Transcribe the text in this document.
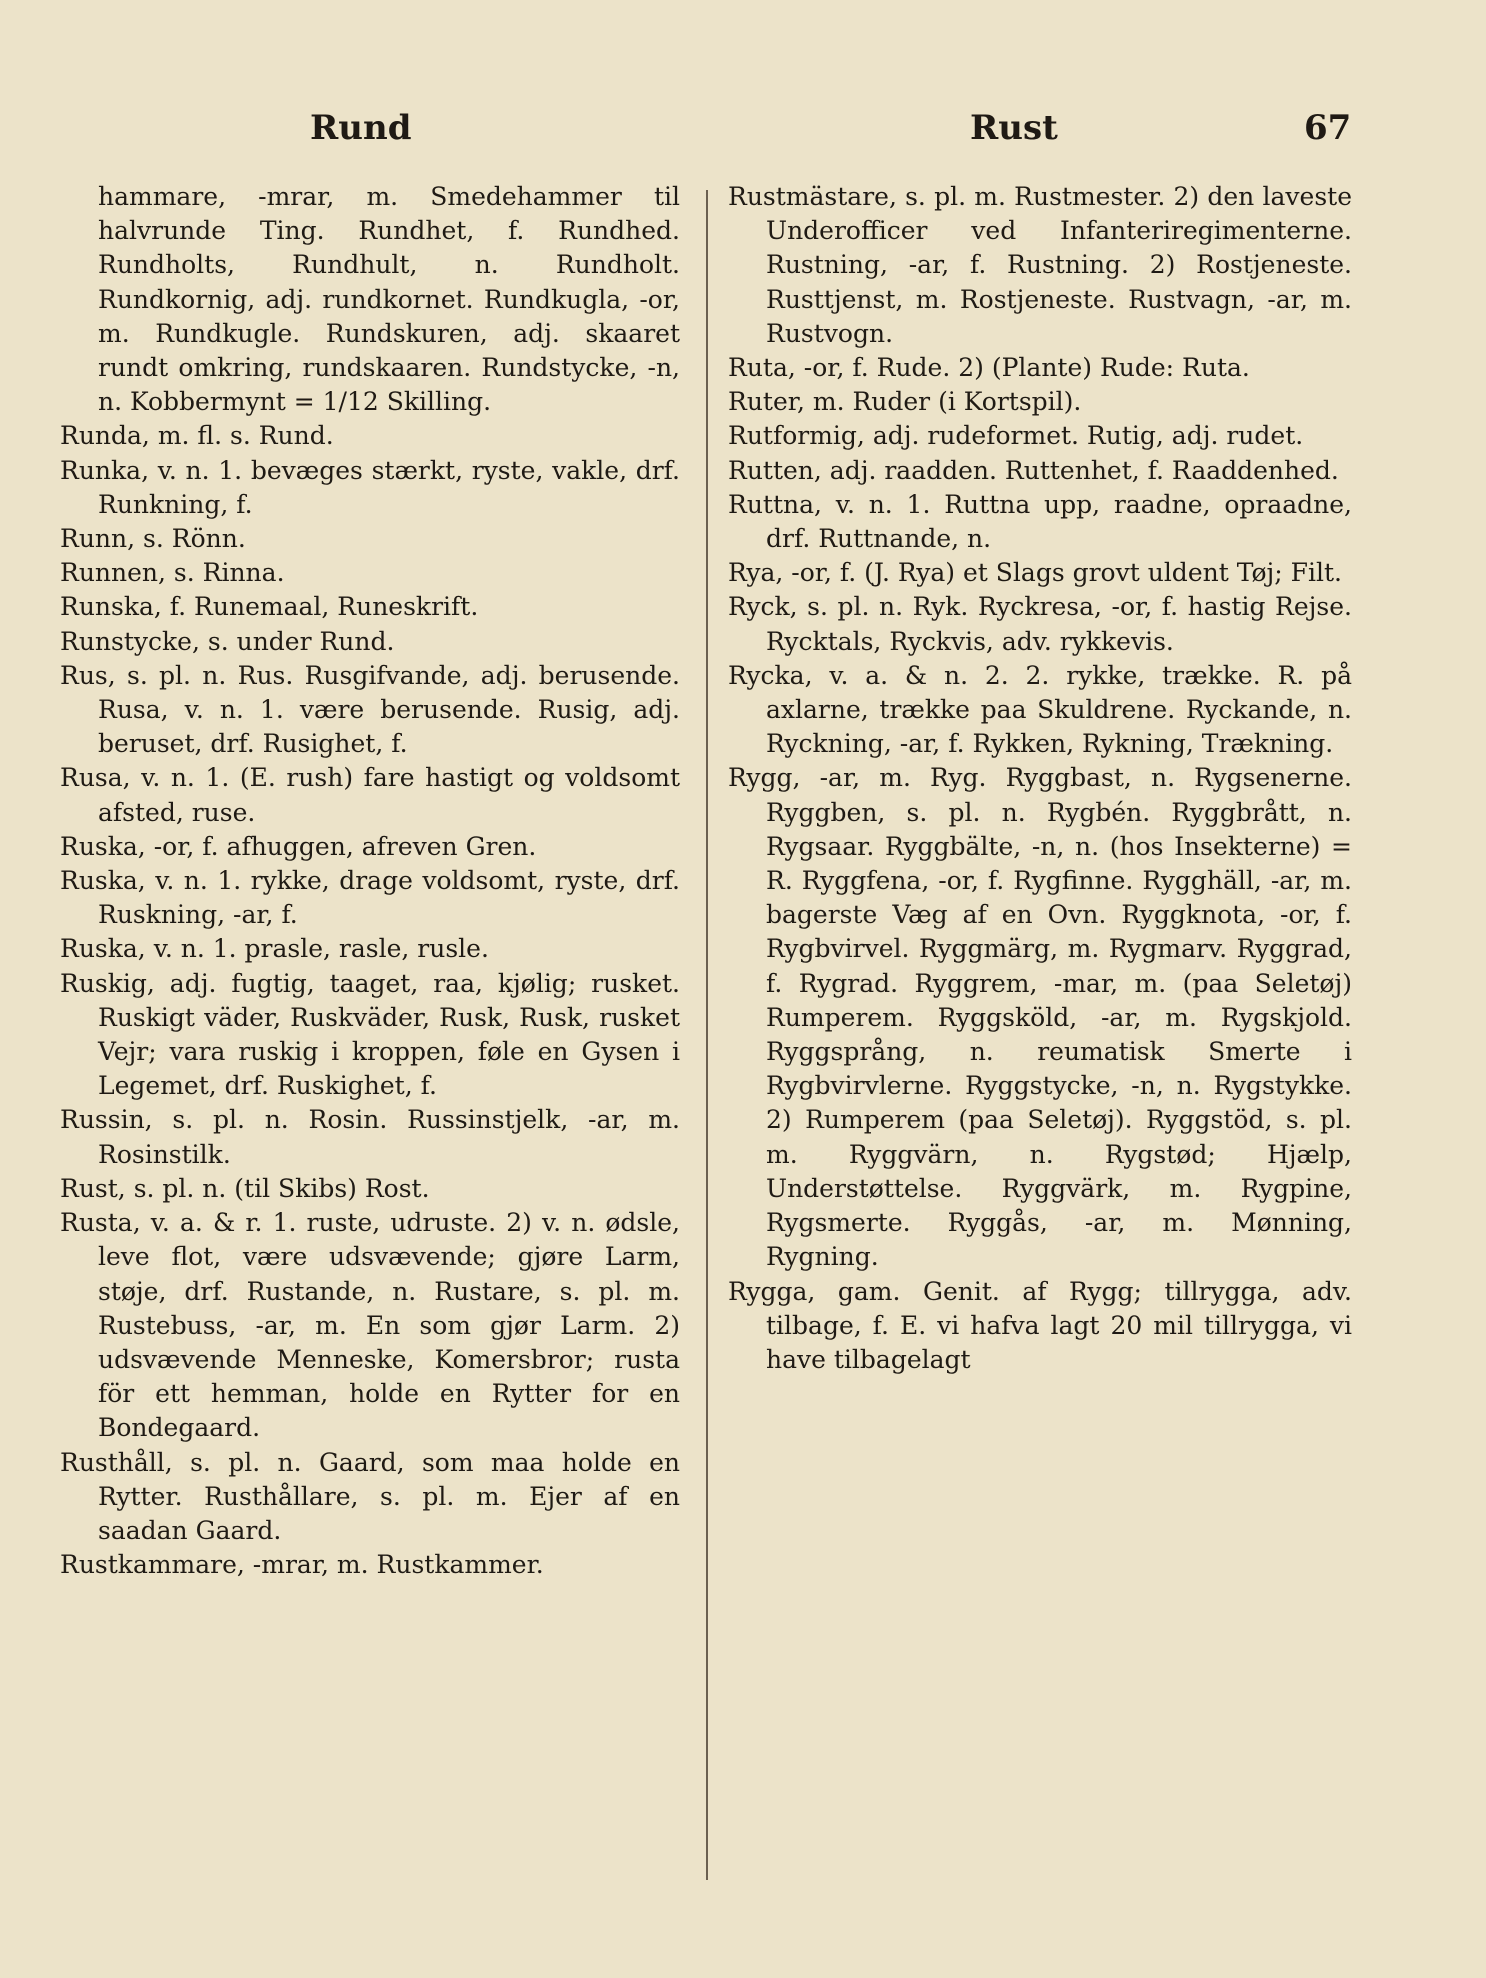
Rund	Rust	67

hammare, -mrar, m. Smedehammer til halvrunde Ting. Rundhet, f. Rundhed. Rundholts, Rundhult, n. Rundholt. Rundkornig, adj. rundkornet. Rundkugla, -or, m. Rundkugle. Rundskuren, adj. skaaret rundt omkring, rundskaaren. Rundstycke, -n, n. Kobbermynt = 1/12 Skilling.

Runda, m. fl. s. Rund.

Runka, v. n. 1. bevæges stærkt, ryste, vakle, drf. Runkning, f.

Runn, s. Rönn.

Runnen, s. Rinna.

Runska, f. Runemaal, Runeskrift.

Runstycke, s. under Rund.

Rus, s. pl. n. Rus. Rusgifvande, adj. berusende. Rusa, v. n. 1. være berusende. Rusig, adj. beruset, drf. Rusighet, f.

Rusa, v. n. 1. (E. rush) fare hastigt og voldsomt afsted, ruse.

Ruska, -or, f. afhuggen, afreven Gren.

Ruska, v. n. 1. rykke, drage voldsomt, ryste, drf. Ruskning, -ar, f.

Ruska, v. n. 1. prasle, rasle, rusle.

Ruskig, adj. fugtig, taaget, raa, kjølig; rusket. Ruskigt väder, Ruskväder, Rusk, Rusk, rusket Vejr; vara ruskig i kroppen, føle en Gysen i Legemet, drf. Ruskighet, f.

Russin, s. pl. n. Rosin. Russinstjelk, -ar, m. Rosinstilk.

Rust, s. pl. n. (til Skibs) Rost.

Rusta, v. a. & r. 1. ruste, udruste. 2) v. n. ødsle, leve flot, være udsvævende; gjøre Larm, støje, drf. Rustande, n. Rustare, s. pl. m. Rustebuss, -ar, m. En som gjør Larm. 2) udsvævende Menneske, Komersbror; rusta för ett hemman, holde en Rytter for en Bondegaard.

Rusthåll, s. pl. n. Gaard, som maa holde en Rytter. Rusthållare, s. pl. m. Ejer af en saadan Gaard.

Rustkammare, -mrar, m. Rustkammer.

Rustmästare, s. pl. m. Rustmester. 2) den laveste Underofficer ved Infanteriregimenterne. Rustning, -ar, f. Rustning. 2) Rostjeneste. Rusttjenst, m. Rostjeneste. Rustvagn, -ar, m. Rustvogn.

Ruta, -or, f. Rude. 2) (Plante) Rude: Ruta.

Ruter, m. Ruder (i Kortspil).

Rutformig, adj. rudeformet. Rutig, adj. rudet.

Rutten, adj. raadden. Ruttenhet, f. Raaddenhed.

Ruttna, v. n. 1. Ruttna upp, raadne, opraadne, drf. Ruttnande, n.

Rya, -or, f. (J. Rya) et Slags grovt uldent Tøj; Filt.

Ryck, s. pl. n. Ryk. Ryckresa, -or, f. hastig Rejse. Rycktals, Ryckvis, adv. rykkevis.

Rycka, v. a. & n. 2. 2. rykke, trække. R. på axlarne, trække paa Skuldrene. Ryckande, n. Ryckning, -ar, f. Rykken, Rykning, Trækning.

Rygg, -ar, m. Ryg. Ryggbast, n. Rygsenerne. Ryggben, s. pl. n. Rygbén. Ryggbrått, n. Rygsaar. Ryggbälte, -n, n. (hos Insekterne) = R. Ryggfena, -or, f. Rygfinne. Rygghäll, -ar, m. bagerste Væg af en Ovn. Ryggknota, -or, f. Rygbvirvel. Ryggmärg, m. Rygmarv. Ryggrad, f. Rygrad. Ryggrem, -mar, m. (paa Seletøj) Rumperem. Ryggsköld, -ar, m. Rygskjold. Ryggsprång, n. reumatisk Smerte i Rygbvirvlerne. Ryggstycke, -n, n. Rygstykke. 2) Rumperem (paa Seletøj). Ryggstöd, s. pl. m. Ryggvärn, n. Rygstød; Hjælp, Understøttelse. Ryggvärk, m. Rygpine, Rygsmerte. Ryggås, -ar, m. Mønning, Rygning.

Rygga, gam. Genit. af Rygg; tillrygga, adv. tilbage, f. E. vi hafva lagt 20 mil tillrygga, vi have tilbagelagt
